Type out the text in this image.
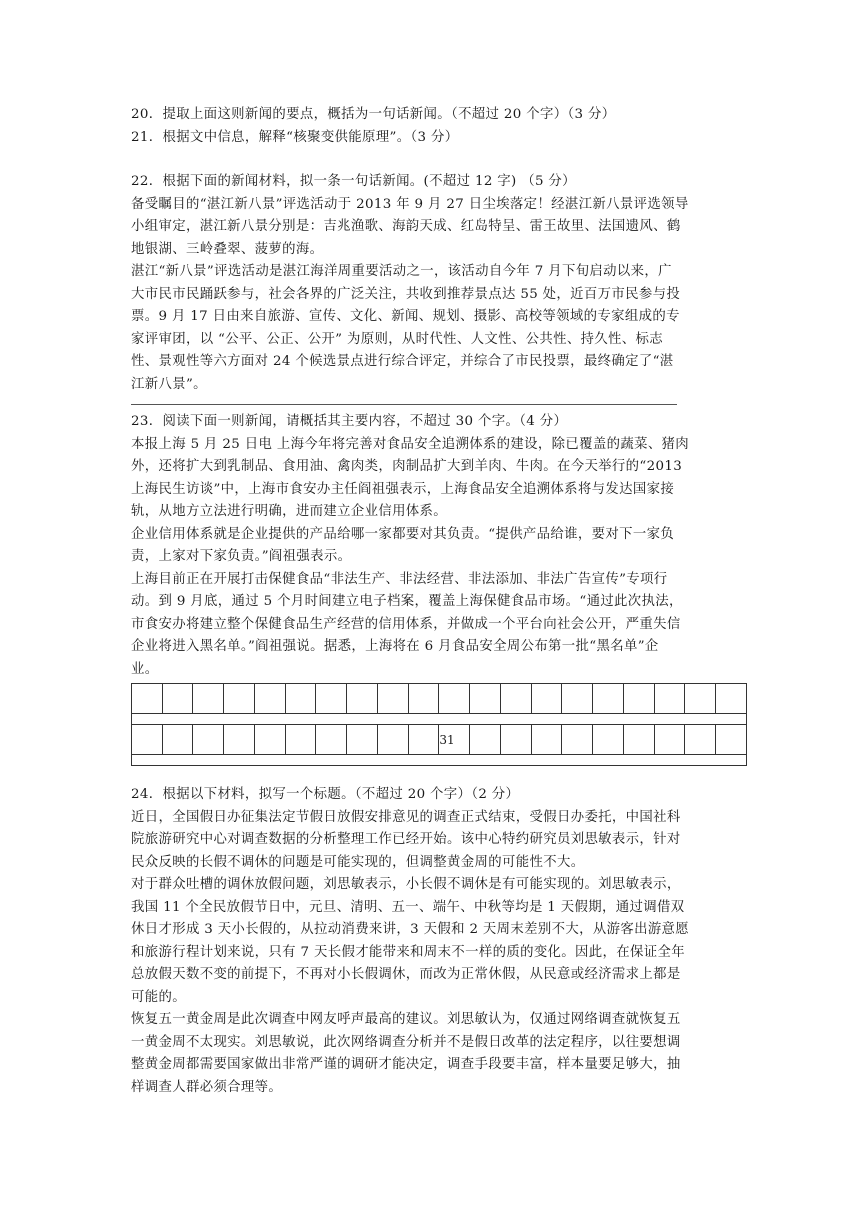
20．提取上面这则新闻的要点，概括为一句话新闻。（不超过 20 个字）（3 分）
21．根据文中信息，解释“核聚变供能原理”。（3 分）
22．根据下面的新闻材料，拟一条一句话新闻。(不超过 12 字) （5 分）
备受瞩目的“湛江新八景”评选活动于 2013 年 9 月 27 日尘埃落定！经湛江新八景评选领导
小组审定，湛江新八景分别是：吉兆渔歌、海韵天成、红岛特呈、雷王故里、法国遗风、鹤
地银湖、三岭叠翠、菠萝的海。
湛江“新八景”评选活动是湛江海洋周重要活动之一，该活动自今年 7 月下旬启动以来，广
大市民市民踊跃参与，社会各界的广泛关注，共收到推荐景点达 55 处，近百万市民参与投
票。9 月 17 日由来自旅游、宣传、文化、新闻、规划、摄影、高校等领域的专家组成的专
家评审团，以 “公平、公正、公开” 为原则，从时代性、人文性、公共性、持久性、标志
性、景观性等六方面对 24 个候选景点进行综合评定，并综合了市民投票，最终确定了“湛
江新八景”。
23．阅读下面一则新闻，请概括其主要内容，不超过 30 个字。（4 分）
本报上海 5 月 25 日电 上海今年将完善对食品安全追溯体系的建设，除已覆盖的蔬菜、猪肉
外，还将扩大到乳制品、食用油、禽肉类，肉制品扩大到羊肉、牛肉。在今天举行的“2013
上海民生访谈”中，上海市食安办主任阎祖强表示，上海食品安全追溯体系将与发达国家接
轨，从地方立法进行明确，进而建立企业信用体系。
企业信用体系就是企业提供的产品给哪一家都要对其负责。“提供产品给谁，要对下一家负
责，上家对下家负责。”阎祖强表示。
上海目前正在开展打击保健食品“非法生产、非法经营、非法添加、非法广告宣传”专项行
动。到 9 月底，通过 5 个月时间建立电子档案，覆盖上海保健食品市场。“通过此次执法，
市食安办将建立整个保健食品生产经营的信用体系，并做成一个平台向社会公开，严重失信
企业将进入黑名单。”阎祖强说。据悉，上海将在 6 月食品安全周公布第一批“黑名单”企
业。

										31									

24．根据以下材料，拟写一个标题。（不超过 20 个字）（2 分）
近日，全国假日办征集法定节假日放假安排意见的调查正式结束，受假日办委托，中国社科
院旅游研究中心对调查数据的分析整理工作已经开始。该中心特约研究员刘思敏表示，针对
民众反映的长假不调休的问题是可能实现的，但调整黄金周的可能性不大。
对于群众吐槽的调休放假问题，刘思敏表示，小长假不调休是有可能实现的。刘思敏表示，
我国 11 个全民放假节日中，元旦、清明、五一、端午、中秋等均是 1 天假期，通过调借双
休日才形成 3 天小长假的，从拉动消费来讲，3 天假和 2 天周末差别不大，从游客出游意愿
和旅游行程计划来说，只有 7 天长假才能带来和周末不一样的质的变化。因此，在保证全年
总放假天数不变的前提下，不再对小长假调休，而改为正常休假，从民意或经济需求上都是
可能的。
恢复五一黄金周是此次调查中网友呼声最高的建议。刘思敏认为，仅通过网络调查就恢复五
一黄金周不太现实。刘思敏说，此次网络调查分析并不是假日改革的法定程序，以往要想调
整黄金周都需要国家做出非常严谨的调研才能决定，调查手段要丰富，样本量要足够大，抽
样调查人群必须合理等。
